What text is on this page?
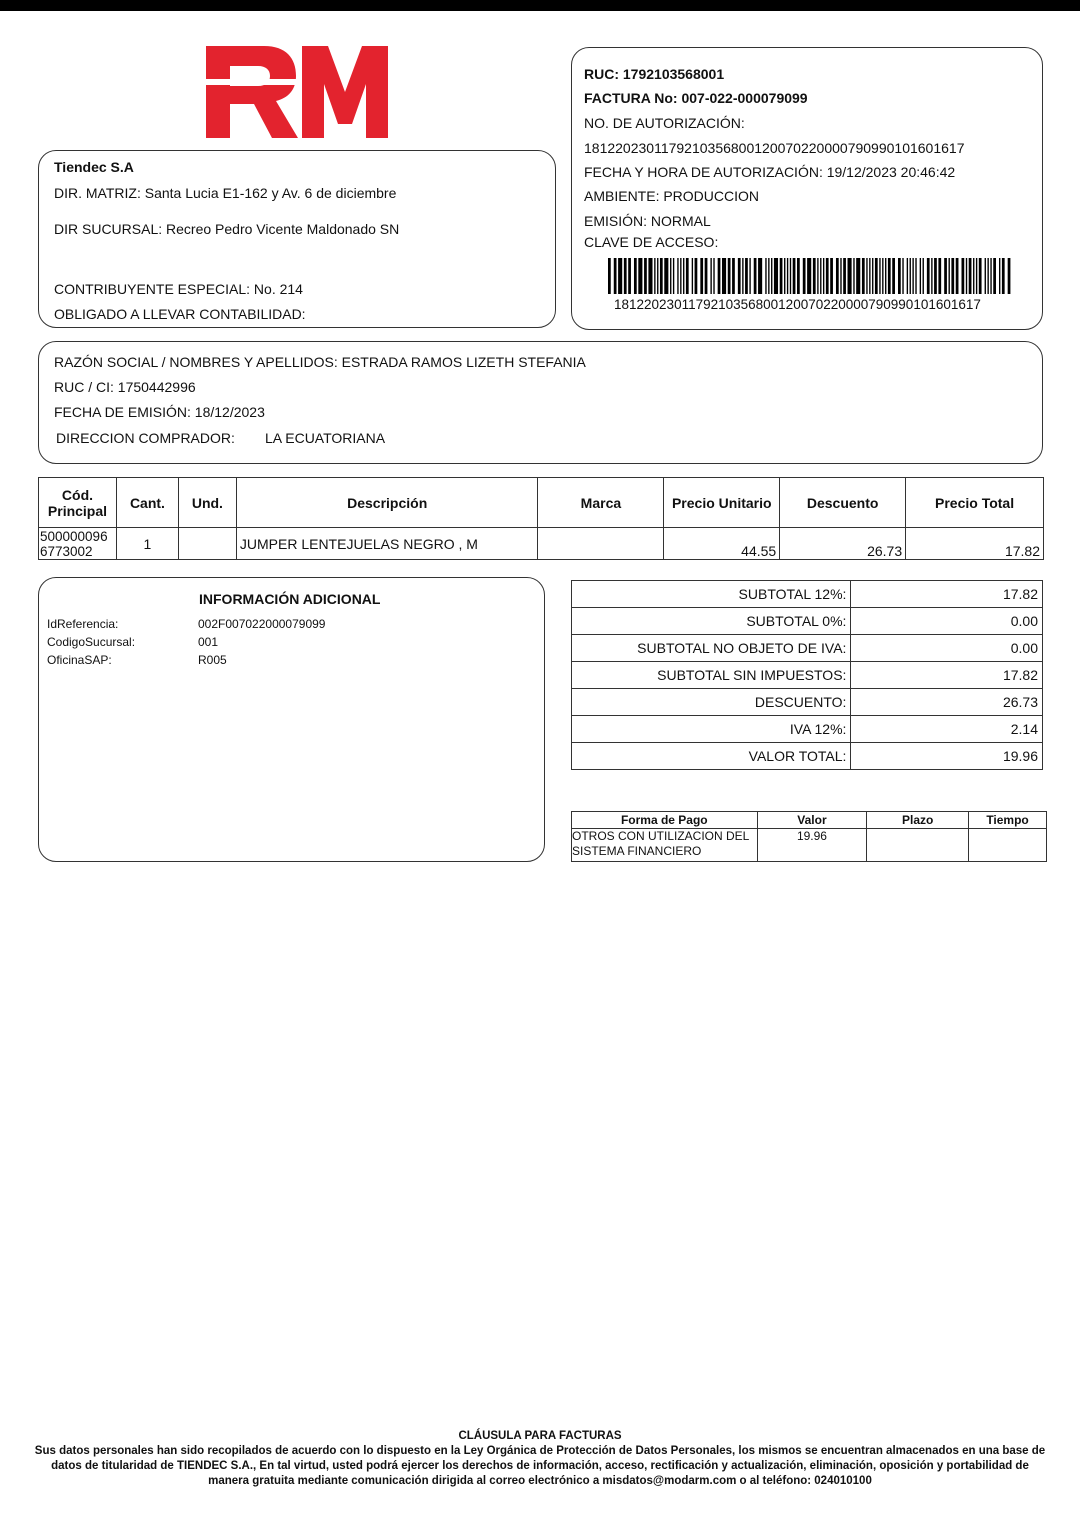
Tiendec S.A
DIR. MATRIZ: Santa Lucia E1-162 y Av. 6 de diciembre
DIR SUCURSAL: Recreo Pedro Vicente Maldonado SN
CONTRIBUYENTE ESPECIAL: No. 214
OBLIGADO A LLEVAR CONTABILIDAD:
RUC: 1792103568001
FACTURA No: 007-022-000079099
NO. DE AUTORIZACIÓN:
1812202301179210356800120070220000790990101601617
FECHA Y HORA DE AUTORIZACIÓN: 19/12/2023 20:46:42
AMBIENTE: PRODUCCION
EMISIÓN: NORMAL
CLAVE DE ACCESO:
1812202301179210356800120070220000790990101601617
RAZÓN SOCIAL / NOMBRES Y APELLIDOS: ESTRADA RAMOS LIZETH STEFANIA
RUC / CI: 1750442996
FECHA DE EMISIÓN: 18/12/2023
DIRECCION COMPRADOR: LA ECUATORIANA
Cód. Principal	Cant.	Und.	Descripción	Marca	Precio Unitario	Descuento	Precio Total
5000000966773002	1		JUMPER LENTEJUELAS NEGRO , M		44.55	26.73	17.82
INFORMACIÓN ADICIONAL
IdReferencia:	002F007022000079099
CodigoSucursal:	001
OficinaSAP:	R005
SUBTOTAL 12%:	17.82
SUBTOTAL 0%:	0.00
SUBTOTAL NO OBJETO DE IVA:	0.00
SUBTOTAL SIN IMPUESTOS:	17.82
DESCUENTO:	26.73
IVA 12%:	2.14
VALOR TOTAL:	19.96
Forma de Pago	Valor	Plazo	Tiempo
OTROS CON UTILIZACION DEL SISTEMA FINANCIERO	19.96		
CLÁUSULA PARA FACTURAS
Sus datos personales han sido recopilados de acuerdo con lo dispuesto en la Ley Orgánica de Protección de Datos Personales, los mismos se encuentran almacenados en una base de datos de titularidad de TIENDEC S.A., En tal virtud, usted podrá ejercer los derechos de información, acceso, rectificación y actualización, eliminación, oposición y portabilidad de manera gratuita mediante comunicación dirigida al correo electrónico a misdatos@modarm.com o al teléfono: 024010100
